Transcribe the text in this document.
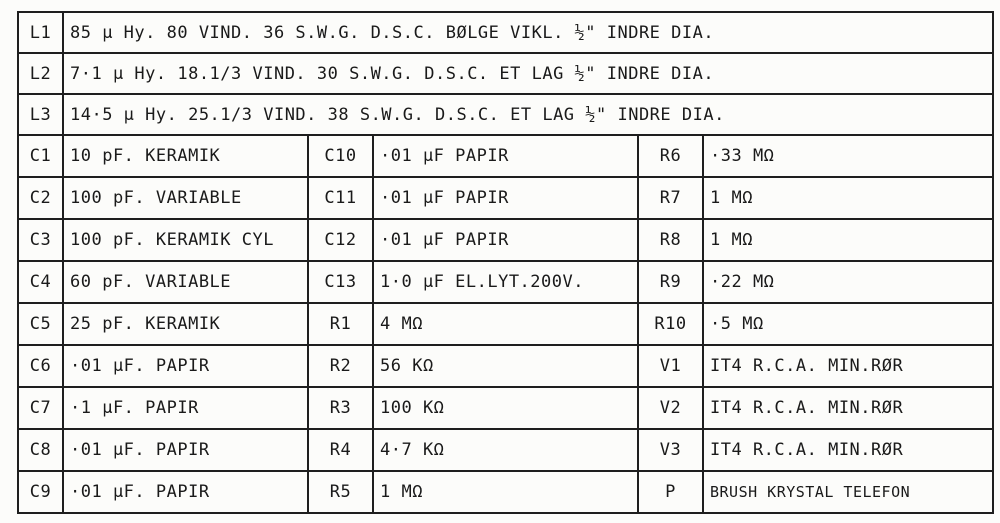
L1	85 µ Hy. 80 VIND. 36 S.W.G. D.S.C. BØLGE VIKL. ½" INDRE DIA.				
L2	7·1 µ Hy. 18.1/3 VIND. 30 S.W.G. D.S.C. ET LAG ½" INDRE DIA.				
L3	14·5 µ Hy. 25.1/3 VIND. 38 S.W.G. D.S.C. ET LAG ½" INDRE DIA.				
C1	10 pF. KERAMIK	C10	·01 µF PAPIR	R6	·33 MΩ
C2	100 pF. VARIABLE	C11	·01 µF PAPIR	R7	1 MΩ
C3	100 pF. KERAMIK CYL	C12	·01 µF PAPIR	R8	1 MΩ
C4	60 pF. VARIABLE	C13	1·0 µF EL.LYT.200V.	R9	·22 MΩ
C5	25 pF. KERAMIK	R1	4 MΩ	R10	·5 MΩ
C6	·01 µF. PAPIR	R2	56 KΩ	V1	IT4 R.C.A. MIN.RØR
C7	·1 µF. PAPIR	R3	100 KΩ	V2	IT4 R.C.A. MIN.RØR
C8	·01 µF. PAPIR	R4	4·7 KΩ	V3	IT4 R.C.A. MIN.RØR
C9	·01 µF. PAPIR	R5	1 MΩ	P	BRUSH KRYSTAL TELEFON
